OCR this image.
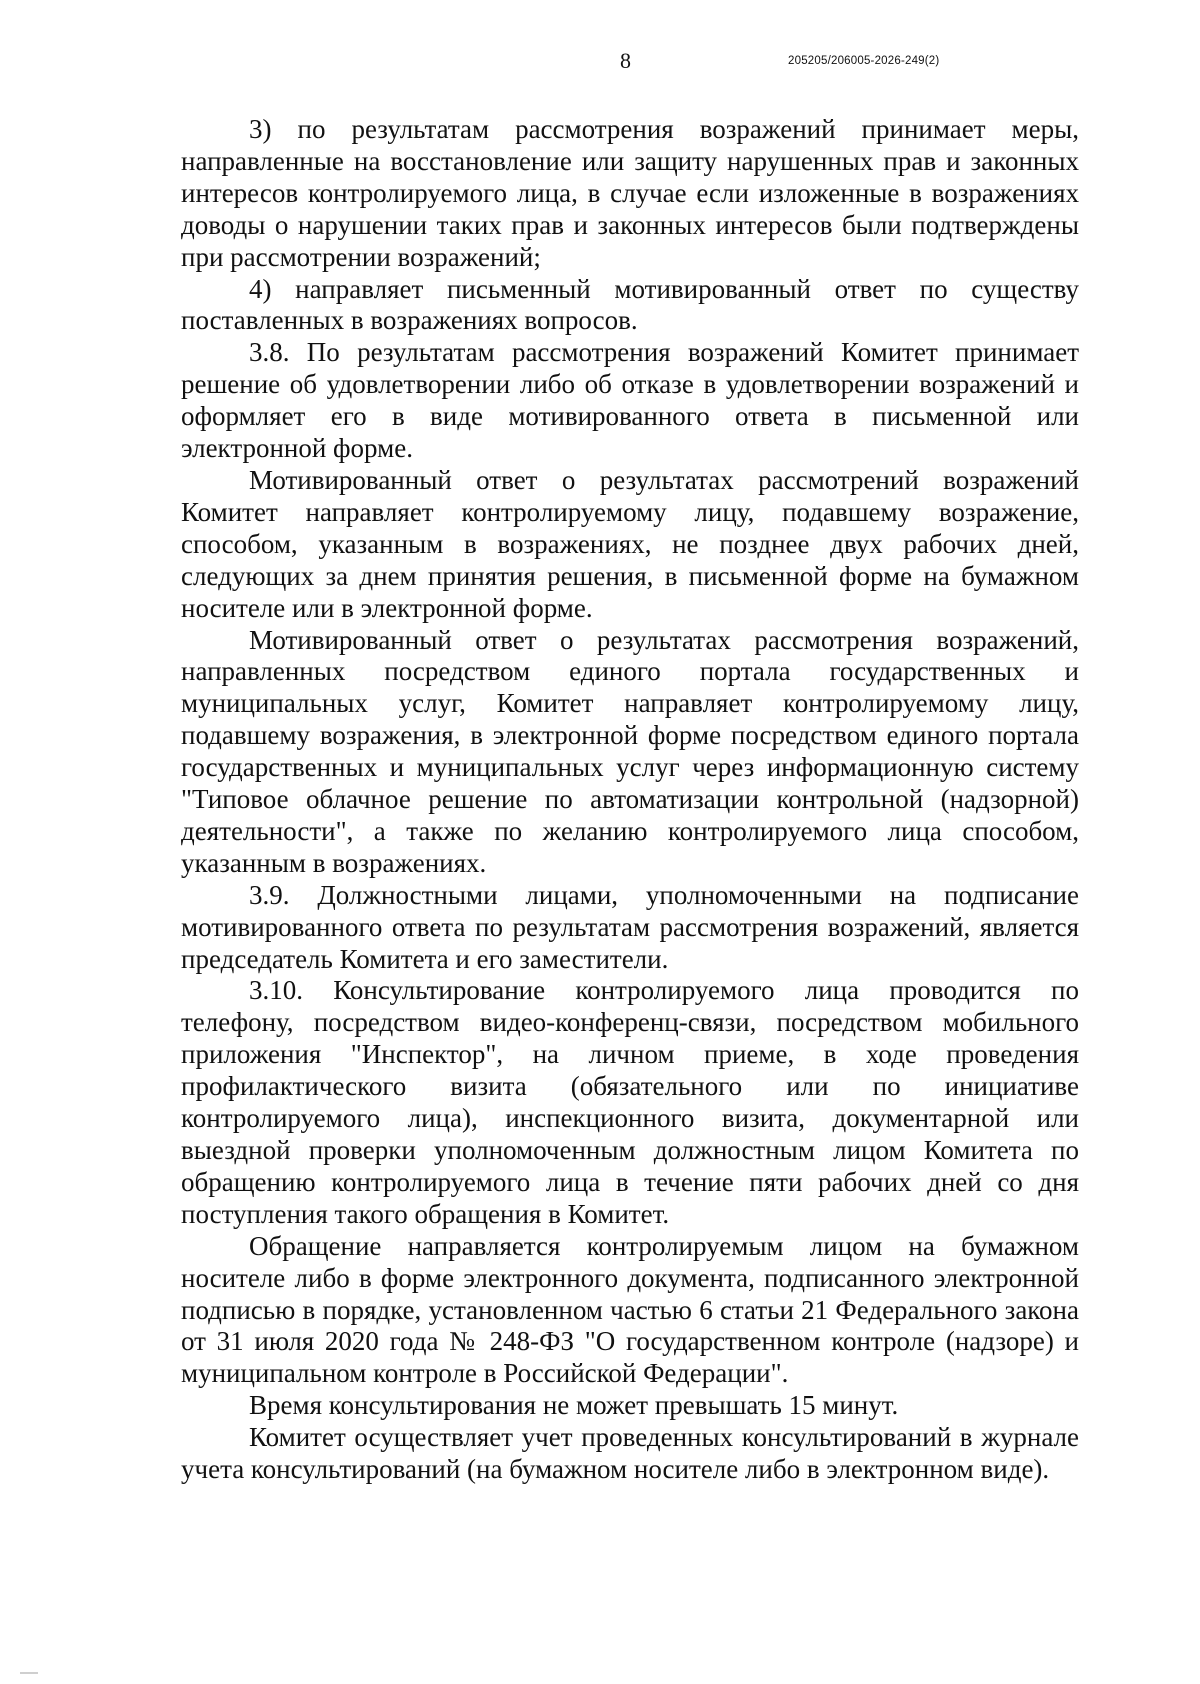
8	205205/206005-2026-249(2)

3) по результатам рассмотрения возражений принимает меры, направленные на восстановление или защиту нарушенных прав и законных интересов контролируемого лица, в случае если изложенные в возражениях доводы о нарушении таких прав и законных интересов были подтверждены при рассмотрении возражений;

4) направляет письменный мотивированный ответ по существу поставленных в возражениях вопросов.

3.8. По результатам рассмотрения возражений Комитет принимает решение об удовлетворении либо об отказе в удовлетворении возражений и оформляет его в виде мотивированного ответа в письменной или электронной форме.

Мотивированный ответ о результатах рассмотрений возражений Комитет направляет контролируемому лицу, подавшему возражение, способом, указанным в возражениях, не позднее двух рабочих дней, следующих за днем принятия решения, в письменной форме на бумажном носителе или в электронной форме.

Мотивированный ответ о результатах рассмотрения возражений, направленных посредством единого портала государственных и муниципальных услуг, Комитет направляет контролируемому лицу, подавшему возражения, в электронной форме посредством единого портала государственных и муниципальных услуг через информационную систему "Типовое облачное решение по автоматизации контрольной (надзорной) деятельности", а также по желанию контролируемого лица способом, указанным в возражениях.

3.9. Должностными лицами, уполномоченными на подписание мотивированного ответа по результатам рассмотрения возражений, является председатель Комитета и его заместители.

3.10. Консультирование контролируемого лица проводится по телефону, посредством видео-конференц-связи, посредством мобильного приложения "Инспектор", на личном приеме, в ходе проведения профилактического визита (обязательного или по инициативе контролируемого лица), инспекционного визита, документарной или выездной проверки уполномоченным должностным лицом Комитета по обращению контролируемого лица в течение пяти рабочих дней со дня поступления такого обращения в Комитет.

Обращение направляется контролируемым лицом на бумажном носителе либо в форме электронного документа, подписанного электронной подписью в порядке, установленном частью 6 статьи 21 Федерального закона от 31 июля 2020 года № 248-ФЗ "О государственном контроле (надзоре) и муниципальном контроле в Российской Федерации".

Время консультирования не может превышать 15 минут.

Комитет осуществляет учет проведенных консультирований в журнале учета консультирований (на бумажном носителе либо в электронном виде).
